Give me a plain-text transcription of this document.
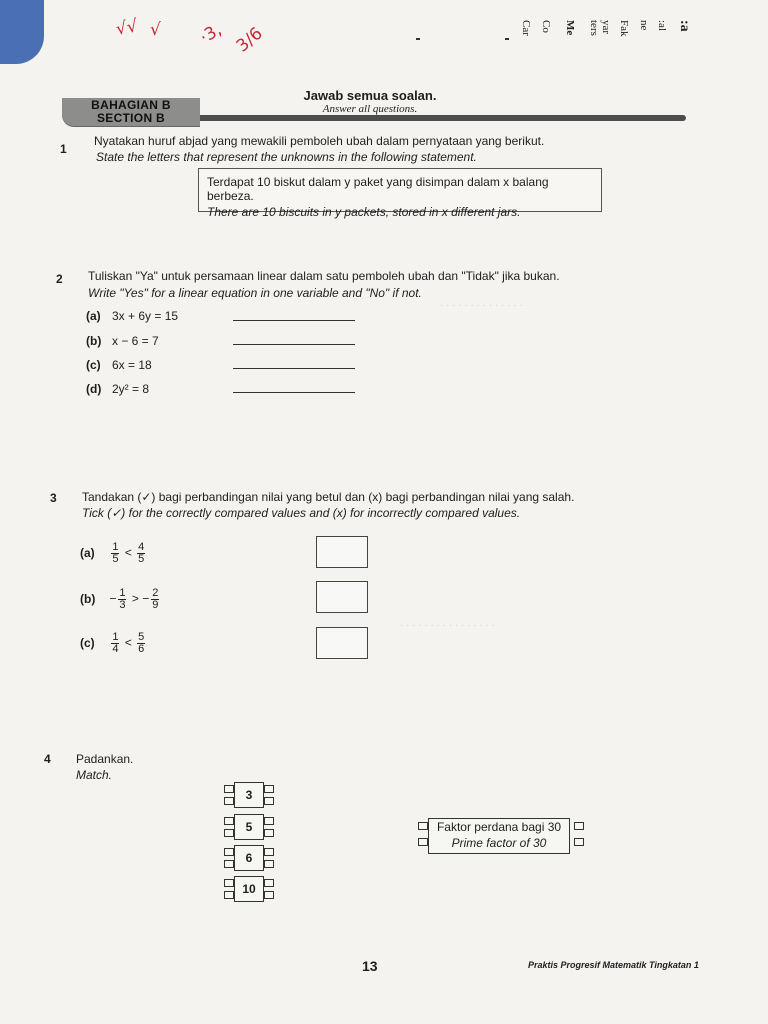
√√ √ ·3, 3/6	Car Co Me ters yar Fak ne :al :a
BAHAGIAN B
SECTION B
Jawab semua soalan.
Answer all questions.
1
Nyatakan huruf abjad yang mewakili pemboleh ubah dalam pernyataan yang berikut.
State the letters that represent the unknowns in the following statement.
Terdapat 10 biskut dalam y paket yang disimpan dalam x balang berbeza.
There are 10 biscuits in y packets, stored in x different jars.
2 Tuliskan "Ya" untuk persamaan linear dalam satu pemboleh ubah dan "Tidak" jika bukan.
Write "Yes" for a linear equation in one variable and "No" if not.
(a) 3x + 6y = 15
(b) x − 6 = 7
(c) 6x = 18
(d) 2y² = 8
· · · · · · · · · · · · · ·
· · · · · · · · · · · · · · · ·
3 Tandakan (✓) bagi perbandingan nilai yang betul dan (x) bagi perbandingan nilai yang salah.
Tick (✓) for the correctly compared values and (x) for incorrectly compared values.
$(a) \frac{1}{5} < \frac{4}{5}$
$(b) - \frac{1}{3}$ > − $\frac{2}{9}$
$(c) \frac{1}{4} < \frac{5}{6}$
4 Padankan.
Match.
3
5
6
10
Faktor perdana bagi 30
Prime factor of 30
13	Praktis Progresif Matematik Tingkatan 1
